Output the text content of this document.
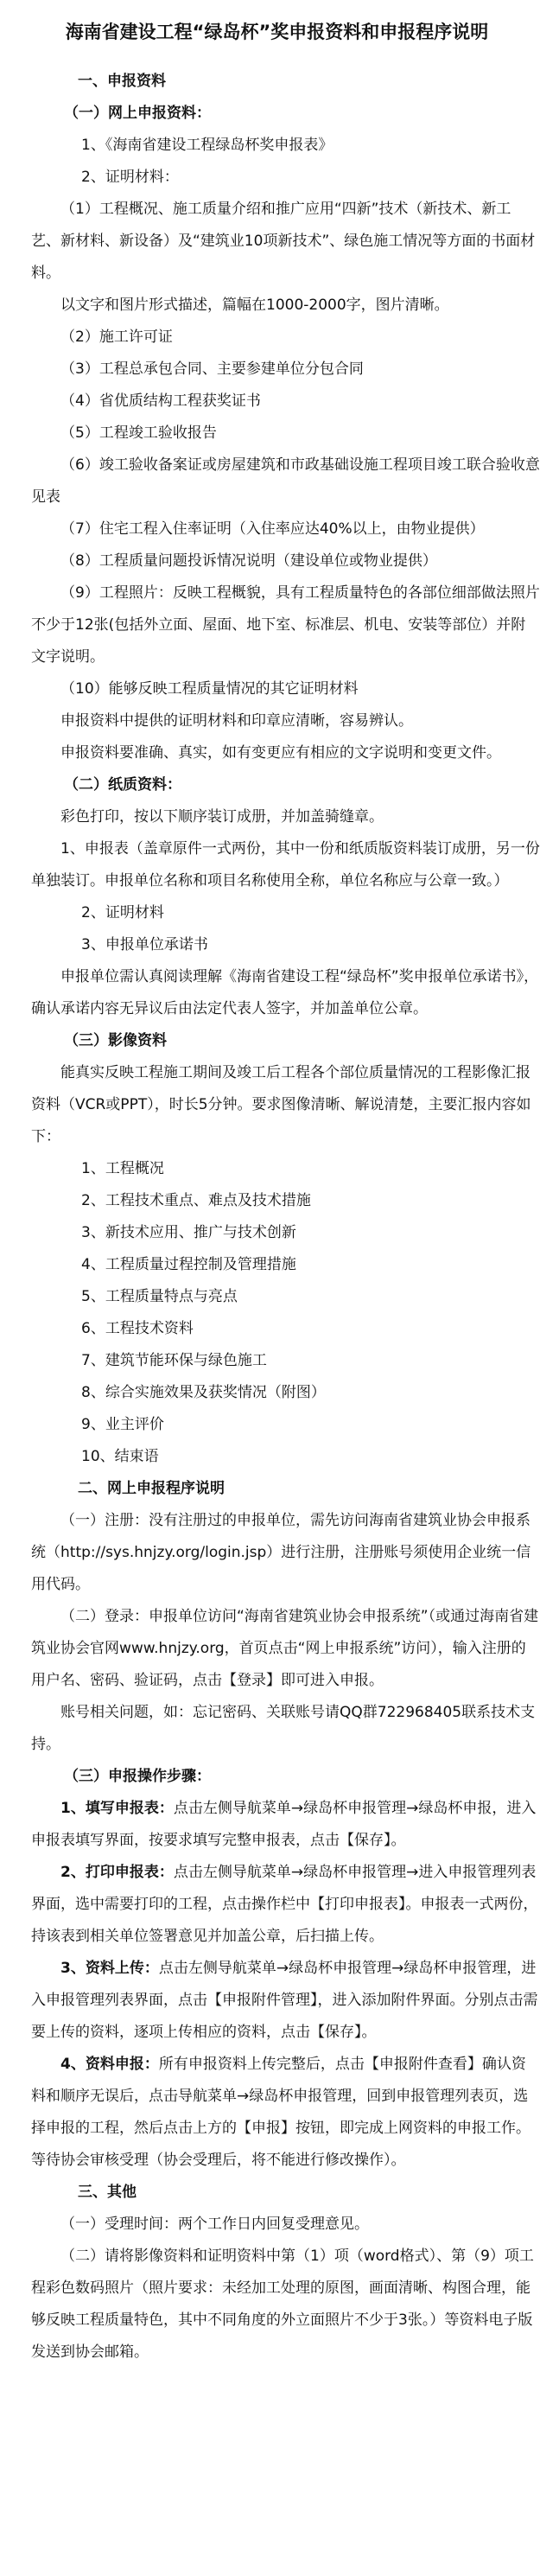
海南省建设工程“绿岛杯”奖申报资料和申报程序说明
一、申报资料
（一）网上申报资料：
1、《海南省建设工程绿岛杯奖申报表》
2、证明材料：
（1）工程概况、施工质量介绍和推广应用“四新”技术（新技术、新工艺、新材料、新设备）及“建筑业10项新技术”、绿色施工情况等方面的书面材料。
以文字和图片形式描述，篇幅在1000-2000字，图片清晰。
（2）施工许可证
（3）工程总承包合同、主要参建单位分包合同
（4）省优质结构工程获奖证书
（5）工程竣工验收报告
（6）竣工验收备案证或房屋建筑和市政基础设施工程项目竣工联合验收意见表
（7）住宅工程入住率证明（入住率应达40%以上，由物业提供）
（8）工程质量问题投诉情况说明（建设单位或物业提供）
（9）工程照片：反映工程概貌，具有工程质量特色的各部位细部做法照片不少于12张(包括外立面、屋面、地下室、标准层、机电、安装等部位）并附文字说明。
（10）能够反映工程质量情况的其它证明材料
申报资料中提供的证明材料和印章应清晰，容易辨认。
申报资料要准确、真实，如有变更应有相应的文字说明和变更文件。
（二）纸质资料：
彩色打印，按以下顺序装订成册，并加盖骑缝章。
1、申报表（盖章原件一式两份，其中一份和纸质版资料装订成册，另一份单独装订。申报单位名称和项目名称使用全称，单位名称应与公章一致。）
2、证明材料
3、申报单位承诺书
申报单位需认真阅读理解《海南省建设工程“绿岛杯”奖申报单位承诺书》，确认承诺内容无异议后由法定代表人签字，并加盖单位公章。
（三）影像资料
能真实反映工程施工期间及竣工后工程各个部位质量情况的工程影像汇报资料（VCR或PPT），时长5分钟。要求图像清晰、解说清楚，主要汇报内容如下：
1、工程概况
2、工程技术重点、难点及技术措施
3、新技术应用、推广与技术创新
4、工程质量过程控制及管理措施
5、工程质量特点与亮点
6、工程技术资料
7、建筑节能环保与绿色施工
8、综合实施效果及获奖情况（附图）
9、业主评价
10、结束语
二、网上申报程序说明
（一）注册：没有注册过的申报单位，需先访问海南省建筑业协会申报系统（http://sys.hnjzy.org/login.jsp）进行注册，注册账号须使用企业统一信用代码。
（二）登录：申报单位访问“海南省建筑业协会申报系统”（或通过海南省建筑业协会官网www.hnjzy.org，首页点击“网上申报系统”访问），输入注册的用户名、密码、验证码，点击【登录】即可进入申报。
账号相关问题，如：忘记密码、关联账号请QQ群722968405联系技术支持。
（三）申报操作步骤：
1、填写申报表：点击左侧导航菜单→绿岛杯申报管理→绿岛杯申报，进入申报表填写界面，按要求填写完整申报表，点击【保存】。
2、打印申报表：点击左侧导航菜单→绿岛杯申报管理→进入申报管理列表界面，选中需要打印的工程，点击操作栏中【打印申报表】。申报表一式两份，持该表到相关单位签署意见并加盖公章，后扫描上传。
3、资料上传：点击左侧导航菜单→绿岛杯申报管理→绿岛杯申报管理，进入申报管理列表界面，点击【申报附件管理】，进入添加附件界面。分别点击需要上传的资料，逐项上传相应的资料，点击【保存】。
4、资料申报：所有申报资料上传完整后，点击【申报附件查看】确认资料和顺序无误后，点击导航菜单→绿岛杯申报管理，回到申报管理列表页，选择申报的工程，然后点击上方的【申报】按钮，即完成上网资料的申报工作。等待协会审核受理（协会受理后，将不能进行修改操作）。
三、其他
（一）受理时间：两个工作日内回复受理意见。
（二）请将影像资料和证明资料中第（1）项（word格式）、第（9）项工程彩色数码照片（照片要求：未经加工处理的原图，画面清晰、构图合理，能够反映工程质量特色，其中不同角度的外立面照片不少于3张。）等资料电子版发送到协会邮箱。
